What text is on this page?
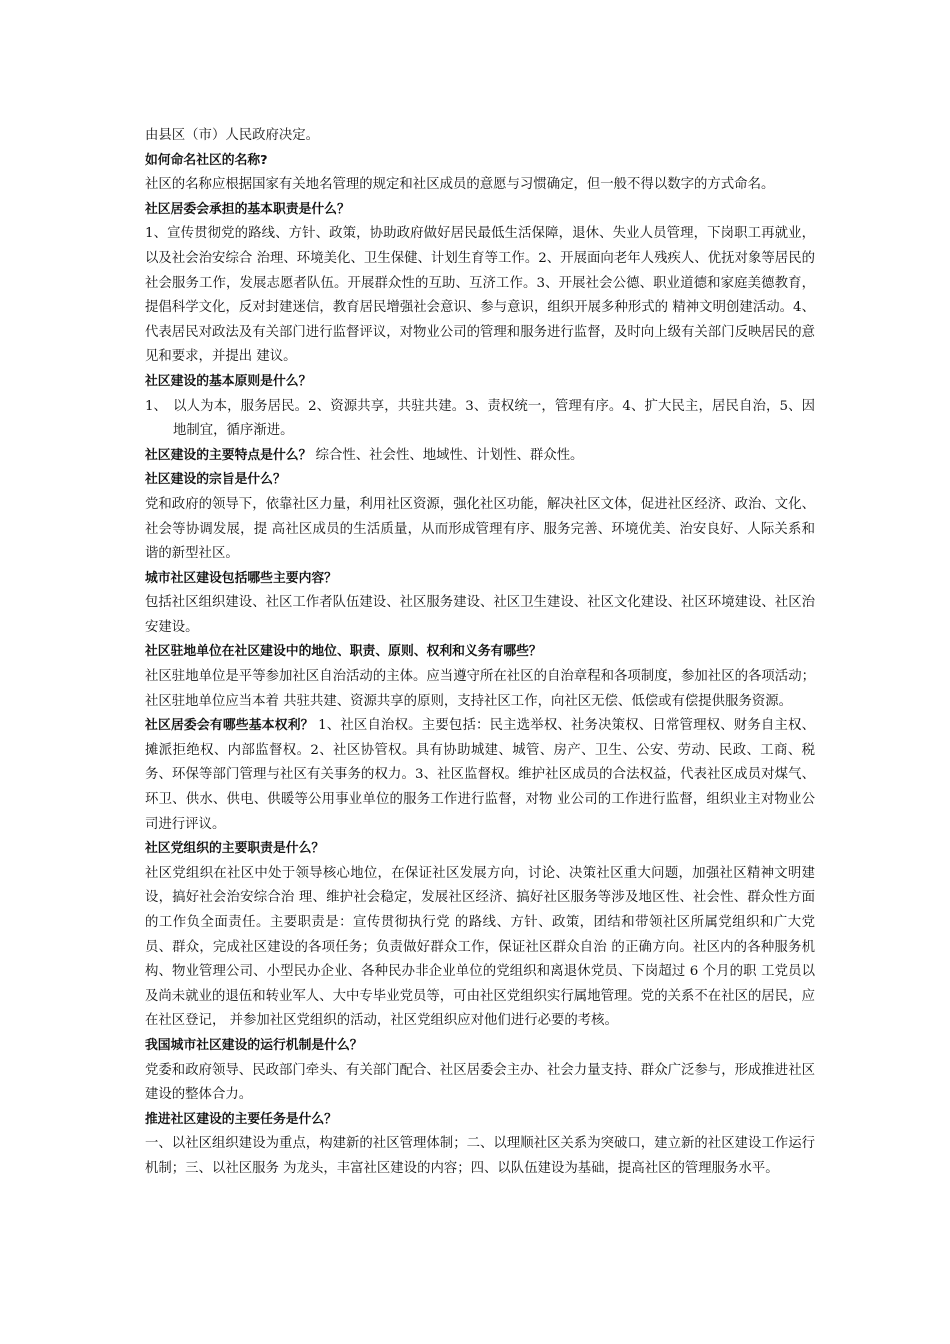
由县区（市）人民政府决定。

如何命名社区的名称?

社区的名称应根据国家有关地名管理的规定和社区成员的意愿与习惯确定，但一般不得以数字的方式命名。

社区居委会承担的基本职责是什么？

1、宣传贯彻党的路线、方针、政策，协助政府做好居民最低生活保障，退休、失业人员管理，下岗职工再就业，以及社会治安综合 治理、环境美化、卫生保健、计划生育等工作。2、开展面向老年人残疾人、优抚对象等居民的社会服务工作，发展志愿者队伍。开展群众性的互助、互济工作。3、开展社会公德、职业道德和家庭美德教育，提倡科学文化，反对封建迷信，教育居民增强社会意识、参与意识，组织开展多种形式的 精神文明创建活动。4、代表居民对政法及有关部门进行监督评议，对物业公司的管理和服务进行监督，及时向上级有关部门反映居民的意见和要求，并提出 建议。

社区建设的基本原则是什么？

1、 以人为本，服务居民。2、资源共享，共驻共建。3、责权统一，管理有序。4、扩大民主，居民自治，5、因地制宜，循序渐进。

社区建设的主要特点是什么？ 综合性、社会性、地域性、计划性、群众性。

社区建设的宗旨是什么？

党和政府的领导下，依靠社区力量，利用社区资源，强化社区功能，解决社区文体，促进社区经济、政治、文化、社会等协调发展，提 高社区成员的生活质量，从而形成管理有序、服务完善、环境优美、治安良好、人际关系和谐的新型社区。

城市社区建设包括哪些主要内容？

包括社区组织建设、社区工作者队伍建设、社区服务建设、社区卫生建设、社区文化建设、社区环境建设、社区治安建设。

社区驻地单位在社区建设中的地位、职责、原则、权利和义务有哪些？

社区驻地单位是平等参加社区自治活动的主体。应当遵守所在社区的自治章程和各项制度，参加社区的各项活动；社区驻地单位应当本着 共驻共建、资源共享的原则，支持社区工作，向社区无偿、低偿或有偿提供服务资源。

社区居委会有哪些基本权利？ 1、社区自治权。主要包括：民主选举权、社务决策权、日常管理权、财务自主权、摊派拒绝权、内部监督权。2、社区协管权。具有协助城建、城管、房产、卫生、公安、劳动、民政、工商、税务、环保等部门管理与社区有关事务的权力。3、社区监督权。维护社区成员的合法权益，代表社区成员对煤气、环卫、供水、供电、供暖等公用事业单位的服务工作进行监督，对物 业公司的工作进行监督，组织业主对物业公司进行评议。

社区党组织的主要职责是什么？

社区党组织在社区中处于领导核心地位，在保证社区发展方向，讨论、决策社区重大问题，加强社区精神文明建设，搞好社会治安综合治 理、维护社会稳定，发展社区经济、搞好社区服务等涉及地区性、社会性、群众性方面的工作负全面责任。主要职责是：宣传贯彻执行党 的路线、方针、政策，团结和带领社区所属党组织和广大党员、群众，完成社区建设的各项任务；负责做好群众工作，保证社区群众自治 的正确方向。社区内的各种服务机构、物业管理公司、小型民办企业、各种民办非企业单位的党组织和离退休党员、下岗超过 6 个月的职 工党员以及尚未就业的退伍和转业军人、大中专毕业党员等，可由社区党组织实行属地管理。党的关系不在社区的居民，应在社区登记， 并参加社区党组织的活动，社区党组织应对他们进行必要的考核。

我国城市社区建设的运行机制是什么？

党委和政府领导、民政部门牵头、有关部门配合、社区居委会主办、社会力量支持、群众广泛参与，形成推进社区建设的整体合力。

推进社区建设的主要任务是什么？

一、以社区组织建设为重点，构建新的社区管理体制；二、以理顺社区关系为突破口，建立新的社区建设工作运行机制；三、以社区服务 为龙头，丰富社区建设的内容；四、以队伍建设为基础，提高社区的管理服务水平。
